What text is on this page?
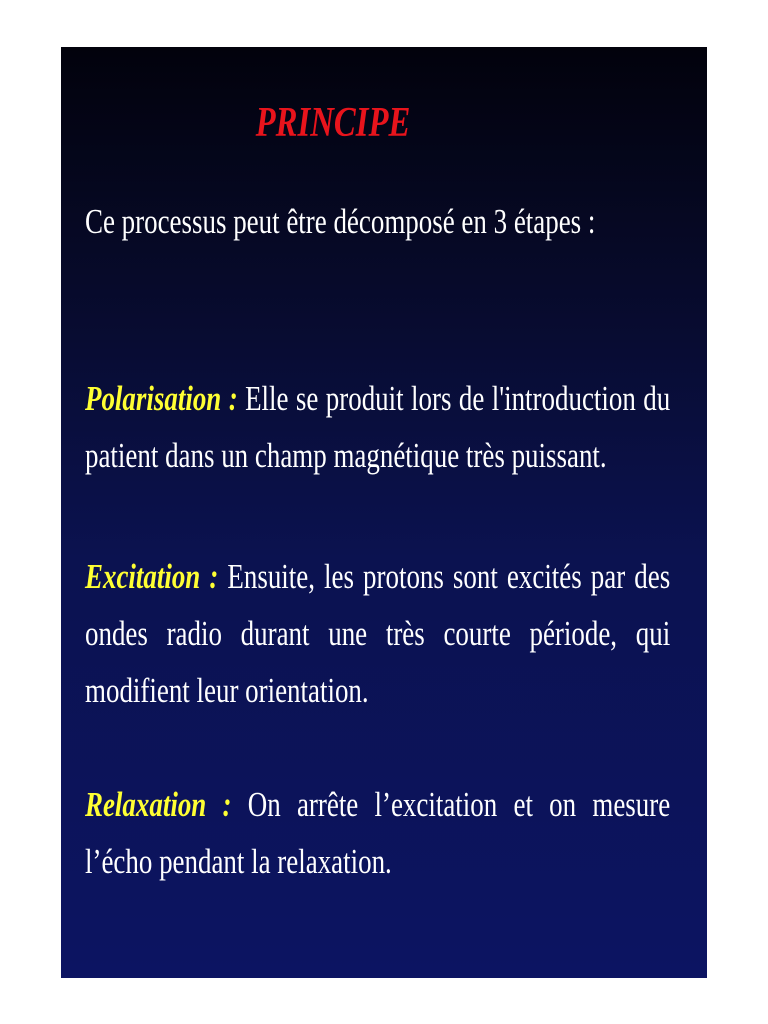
PRINCIPE
Ce processus peut être décomposé en 3 étapes :
Polarisation : Elle se produit lors de l'introduction du patient dans un champ magnétique très puissant.
Excitation : Ensuite, les protons sont excités par des ondes radio durant une très courte période, qui modifient leur orientation.
Relaxation : On arrête l’excitation et on mesure l’écho pendant la relaxation.
